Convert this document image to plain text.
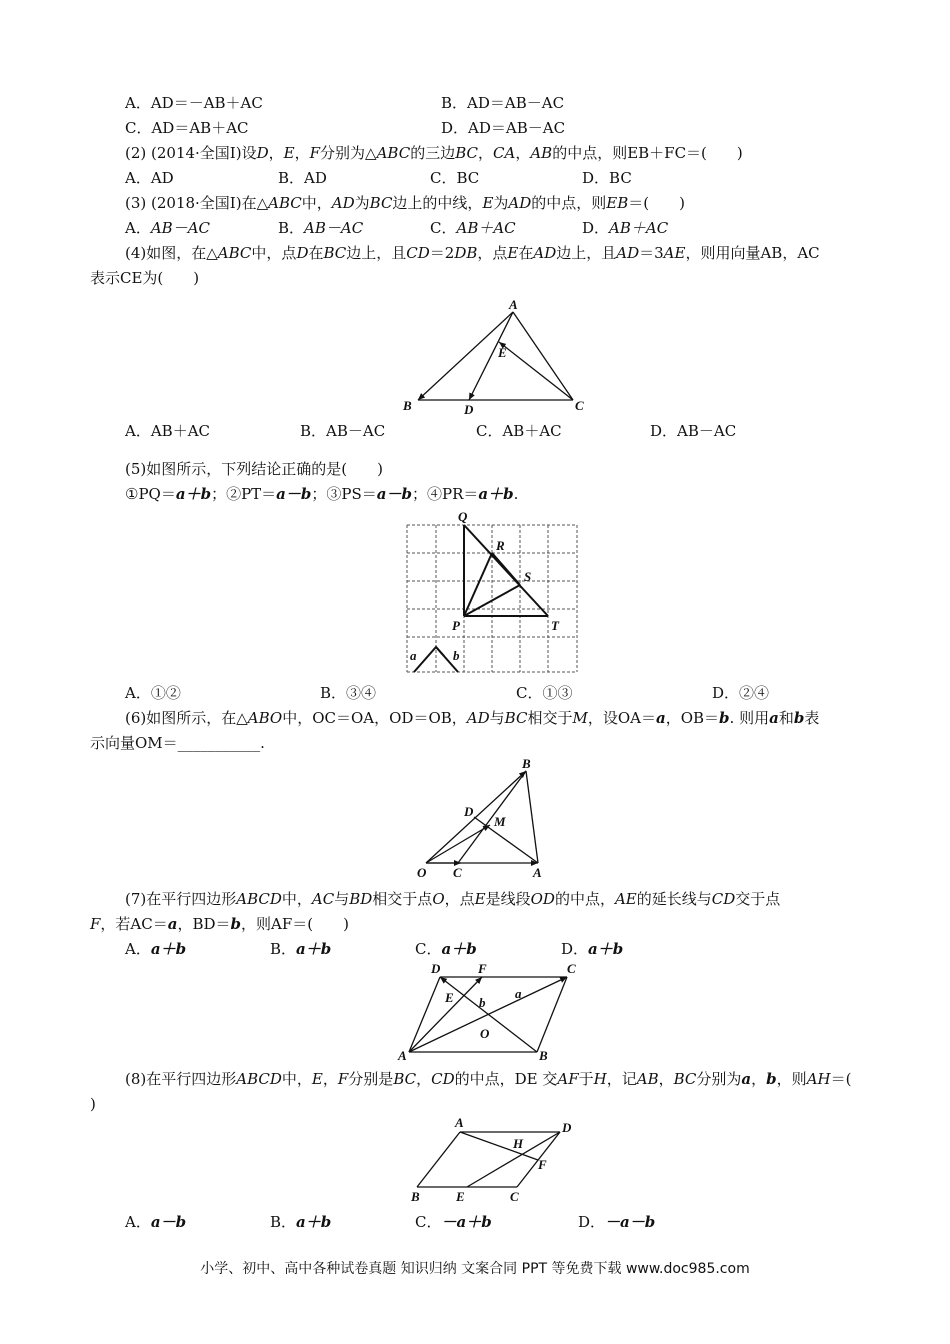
A．AD＝－AB＋AC	B．AD＝AB－AC
C．AD＝AB＋AC	D．AD＝AB－AC
(2) (2014·全国Ⅰ)设D，E，F分别为△ABC的三边BC，CA，AB的中点，则EB＋FC＝(　　)
A．AD	B．AD	C．BC	D．BC
(3) (2018·全国Ⅰ)在△ABC中，AD为BC边上的中线，E为AD的中点，则EB＝(　　)
A．AB－AC	B．AB－AC	C．AB＋AC	D．AB＋AC
(4)如图，在△ABC中，点D在BC边上，且CD＝2DB，点E在AD边上，且AD＝3AE，则用向量AB，AC
表示CE为(　　)
A
E
B	D	C
A．AB＋AC	B．AB－AC	C．AB＋AC	D．AB－AC
(5)如图所示，下列结论正确的是(　　)
①PQ＝a＋b；②PT＝a－b；③PS＝a－b；④PR＝a＋b.
Q
R
S
P	T
a	b
A．①②	B．③④	C．①③	D．②④
(6)如图所示，在△ABO中，OC＝OA，OD＝OB，AD与BC相交于M，设OA＝a，OB＝b. 则用a和b表
示向量OM＝___________.
B
D
M
O C	A
(7)在平行四边形ABCD中，AC与BD相交于点O，点E是线段OD的中点，AE的延长线与CD交于点
F，若AC＝a，BD＝b，则AF＝(　　)
A．a＋b	B．a＋b	C．a＋b	D．a＋b
D	F	C
E b
a
O
A	B
(8)在平行四边形ABCD中，E，F分别是BC，CD的中点，DE 交AF于H，记AB，BC分别为a，b，则AH＝(
)
A
H
D
F
B	E	C
A．a－b	B．a＋b	C．－a＋b	D．－a－b
小学、初中、高中各种试卷真题 知识归纳 文案合同 PPT 等免费下载 www.doc985.com
